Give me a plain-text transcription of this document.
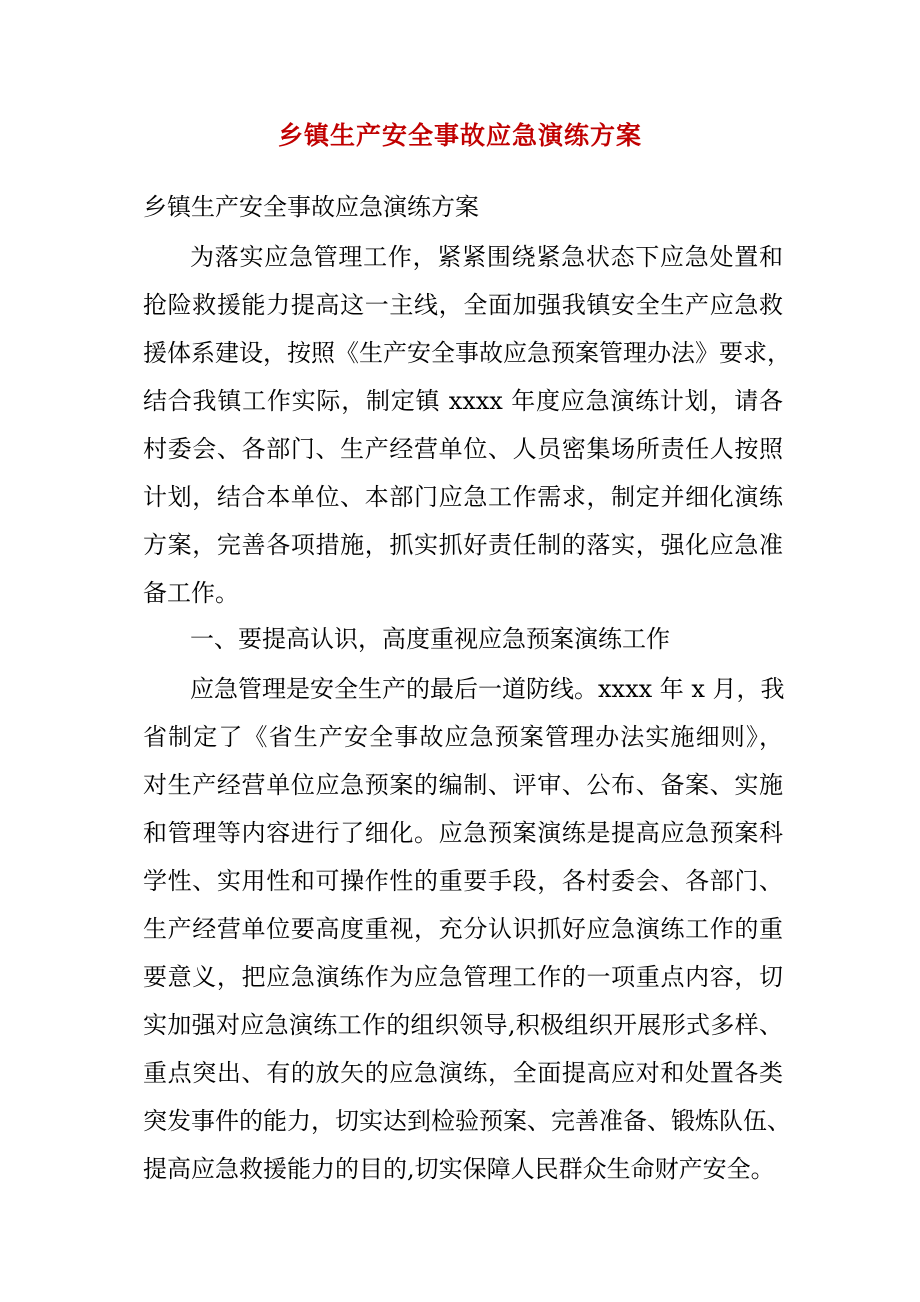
乡镇生产安全事故应急演练方案
乡镇生产安全事故应急演练方案
为落实应急管理工作，紧紧围绕紧急状态下应急处置和
抢险救援能力提高这一主线，全面加强我镇安全生产应急救
援体系建设，按照《生产安全事故应急预案管理办法》要求，
结合我镇工作实际，制定镇 xxxx 年度应急演练计划，请各
村委会、各部门、生产经营单位、人员密集场所责任人按照
计划，结合本单位、本部门应急工作需求，制定并细化演练
方案，完善各项措施，抓实抓好责任制的落实，强化应急准
备工作。
一、要提高认识，高度重视应急预案演练工作
应急管理是安全生产的最后一道防线。xxxx 年 x 月，我
省制定了《省生产安全事故应急预案管理办法实施细则》，
对生产经营单位应急预案的编制、评审、公布、备案、实施
和管理等内容进行了细化。应急预案演练是提高应急预案科
学性、实用性和可操作性的重要手段，各村委会、各部门、
生产经营单位要高度重视，充分认识抓好应急演练工作的重
要意义，把应急演练作为应急管理工作的一项重点内容，切
实加强对应急演练工作的组织领导,积极组织开展形式多样、
重点突出、有的放矢的应急演练，全面提高应对和处置各类
突发事件的能力，切实达到检验预案、完善准备、锻炼队伍、
提高应急救援能力的目的,切实保障人民群众生命财产安全。
